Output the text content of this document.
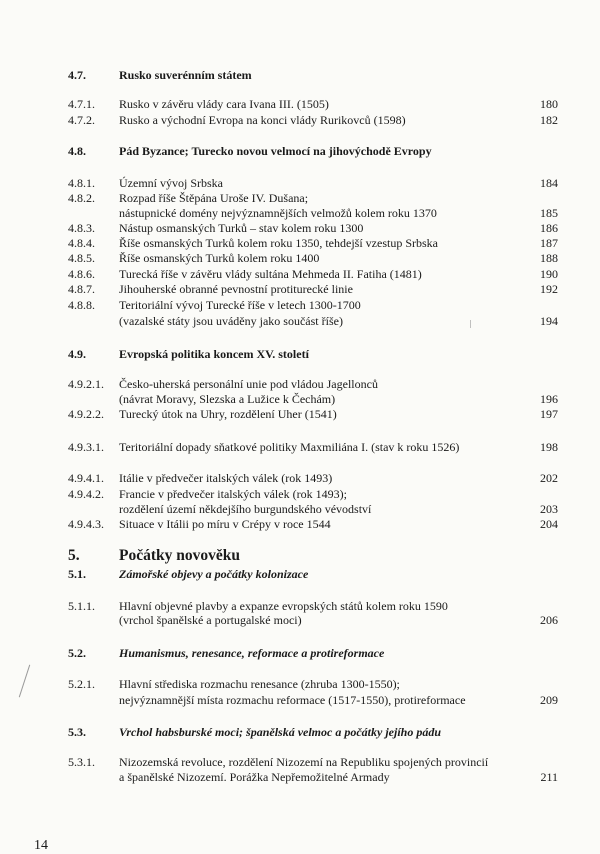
4.7.	Rusko suverénním státem
4.7.1. Rusko v závěru vlády cara Ivana III. (1505)	180
4.7.2. Rusko a východní Evropa na konci vlády Rurikovců (1598)	182
4.8.	Pád Byzance; Turecko novou velmocí na jihovýchodě Evropy
4.8.1. Územní vývoj Srbska	184
4.8.2. Rozpad říše Štěpána Uroše IV. Dušana;
nástupnické domény nejvýznamnějších velmožů kolem roku 1370	185
4.8.3. Nástup osmanských Turků – stav kolem roku 1300	186
4.8.4. Říše osmanských Turků kolem roku 1350, tehdejší vzestup Srbska	187
4.8.5. Říše osmanských Turků kolem roku 1400	188
4.8.6. Turecká říše v závěru vlády sultána Mehmeda II. Fatiha (1481)	190
4.8.7. Jihouherské obranné pevnostní protiturecké linie	192
4.8.8. Teritoriální vývoj Turecké říše v letech 1300-1700
(vazalské státy jsou uváděny jako součást říše)	194
4.9.	Evropská politika koncem XV. století
4.9.2.1. Česko-uherská personální unie pod vládou Jagellonců
(návrat Moravy, Slezska a Lužice k Čechám)	196
4.9.2.2. Turecký útok na Uhry, rozdělení Uher (1541)	197
4.9.3.1. Teritoriální dopady sňatkové politiky Maxmiliána I. (stav k roku 1526)	198
4.9.4.1. Itálie v předvečer italských válek (rok 1493)	202
4.9.4.2. Francie v předvečer italských válek (rok 1493);
rozdělení území někdejšího burgundského vévodství	203
4.9.4.3. Situace v Itálii po míru v Crépy v roce 1544	204
5.	Počátky novověku
5.1.	Zámořské objevy a počátky kolonizace
5.1.1. Hlavní objevné plavby a expanze evropských států kolem roku 1590
(vrchol španělské a portugalské moci)	206
5.2.	Humanismus, renesance, reformace a protireformace
5.2.1. Hlavní střediska rozmachu renesance (zhruba 1300-1550);
nejvýznamnější místa rozmachu reformace (1517-1550), protireformace	209
5.3.	Vrchol habsburské moci; španělská velmoc a počátky jejího pádu
5.3.1. Nizozemská revoluce, rozdělení Nizozemí na Republiku spojených provincií
a španělské Nizozemí. Porážka Nepřemožitelné Armady	211
14
